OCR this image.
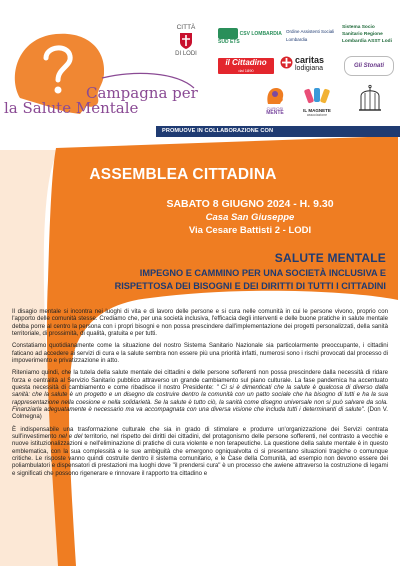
Campagna per
la Salute Mentale
CITTÀ
DI LODI
CSV LOMBARDIA SUD ETS
Ordine Assistenti Sociali Lombardia
Sistema Socio Sanitario Regione Lombardia ASST Lodi
il Cittadino
dal 1890
caritas
lodigiana	Gli Stonati
CURIOSI
MENTE	IL MAGNETE
associazione
PROMUOVE IN COLLABORAZIONE CON
ASSEMBLEA CITTADINA
SABATO 8 GIUGNO 2024 - H. 9.30
Casa San Giuseppe
Via Cesare Battisti 2 - LODI
SALUTE MENTALE
IMPEGNO E CAMMINO PER UNA SOCIETÀ INCLUSIVA E
RISPETTOSA DEI BISOGNI E DEI DIRITTI DI TUTTI I CITTADINI

Il disagio mentale si incontra nei luoghi di vita e di lavoro delle persone e si cura nelle comunità in cui le persone vivono, proprio con l'apporto delle comunità stesse. Crediamo che, per una società inclusiva, l'efficacia degli interventi e delle buone pratiche in salute mentale debba porre al centro la persona con i propri bisogni e non possa prescindere dall'implementazione dei progetti personalizzati, della sanità territoriale, di prossimità, di qualità, gratuita e per tutti.

Constatiamo quotidianamente come la situazione del nostro Sistema Sanitario Nazionale sia particolarmente preoccupante, i cittadini faticano ad accedere ai servizi di cura e la salute sembra non essere più una priorità infatti, numerosi sono i rischi provocati dal processo di impoverimento e privatizzazione in atto.

Riteniamo quindi, che la tutela della salute mentale dei cittadini e delle persone sofferenti non possa prescindere dalla necessità di ridare forza e centralità al Servizio Sanitario pubblico attraverso un grande cambiamento sul piano culturale. La fase pandemica ha accentuato questa necessità di cambiamento e come ribadisce il nostro Presidente: " Ci si è dimenticati che la salute è qualcosa di diverso dalla sanità: che la salute è un progetto e un disegno da costruire dentro la comunità con un patto sociale che ha bisogno di tutti e ha la sua rappresentazione nella coesione e nella solidarietà. Se la salute è tutto ciò, la sanità come disegno universale non si può salvare da sola. Finanziarla adeguatamente è necessario ma va accompagnata con una diversa visione che includa tutti i determinanti di salute". (Don V. Colmegna)

È indispensabile una trasformazione culturale che sia in grado di stimolare e produrre un'organizzazione dei Servizi centrata sull'investimento nel e del territorio, nel rispetto dei diritti dei cittadini, del protagonismo delle persone sofferenti, nel contrasto a vecchie e nuove istituzionalizzazioni e nell'eliminazione di pratiche di cura violente e non terapeutiche. La questione della salute mentale è in questo emblematica, con la sua complessità e le sue ambiguità che emergono ogniqualvolta ci si presentano situazioni tragiche o comunque critiche. Le risposte vanno quindi costruite dentro il sistema comunitario, e le Case della Comunità, ad esempio non devono essere dei poliambulatori e dispensatori di prestazioni ma luoghi dove "il prendersi cura" è un processo che awiene attraverso la costruzione di legami e significati che possono rigenerare e rinnovare il rapporto tra cittadino e
